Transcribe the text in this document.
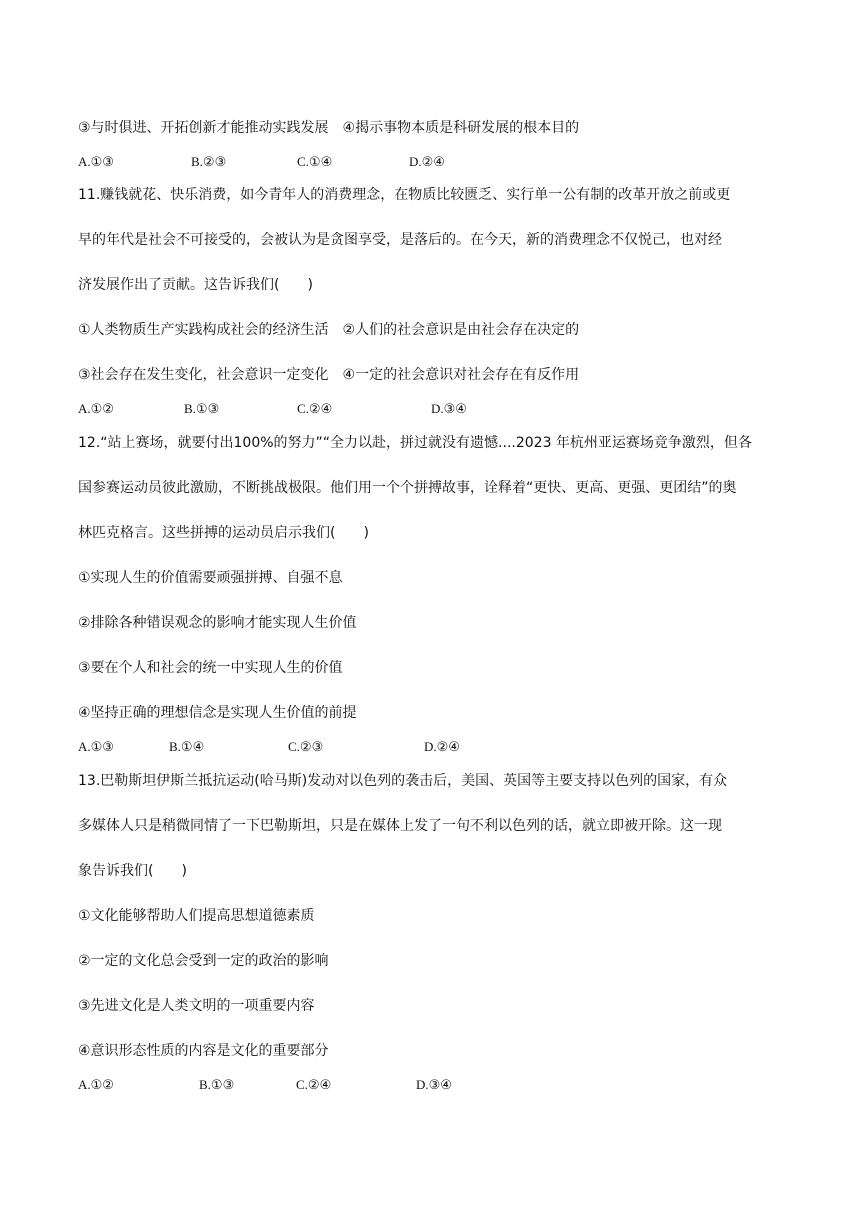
③与时俱进、开拓创新才能推动实践发展　④揭示事物本质是科研发展的根本目的
A.①③	B.②③	C.①④	D.②④
11.赚钱就花、快乐消费，如今青年人的消费理念，在物质比较匮乏、实行单一公有制的改革开放之前或更
早的年代是社会不可接受的，会被认为是贪图享受，是落后的。在今天，新的消费理念不仅悦己，也对经
济发展作出了贡献。这告诉我们(　　)
①人类物质生产实践构成社会的经济生活　②人们的社会意识是由社会存在决定的
③社会存在发生变化，社会意识一定变化　④一定的社会意识对社会存在有反作用
A.①②	B.①③	C.②④	D.③④
12.“站上赛场，就要付出100%的努力”“全力以赴，拼过就没有遗憾....2023 年杭州亚运赛场竞争激烈，但各
国参赛运动员彼此激励，不断挑战极限。他们用一个个拼搏故事，诠释着“更快、更高、更强、更团结”的奥
林匹克格言。这些拼搏的运动员启示我们(　　)
①实现人生的价值需要顽强拼搏、自强不息
②排除各种错误观念的影响才能实现人生价值
③要在个人和社会的统一中实现人生的价值
④坚持正确的理想信念是实现人生价值的前提
A.①③	B.①④	C.②③	D.②④
13.巴勒斯坦伊斯兰抵抗运动(哈马斯)发动对以色列的袭击后，美国、英国等主要支持以色列的国家，有众
多媒体人只是稍微同情了一下巴勒斯坦，只是在媒体上发了一句不利以色列的话，就立即被开除。这一现
象告诉我们(　　)
①文化能够帮助人们提高思想道德素质
②一定的文化总会受到一定的政治的影响
③先进文化是人类文明的一项重要内容
④意识形态性质的内容是文化的重要部分
A.①②	B.①③	C.②④	D.③④
